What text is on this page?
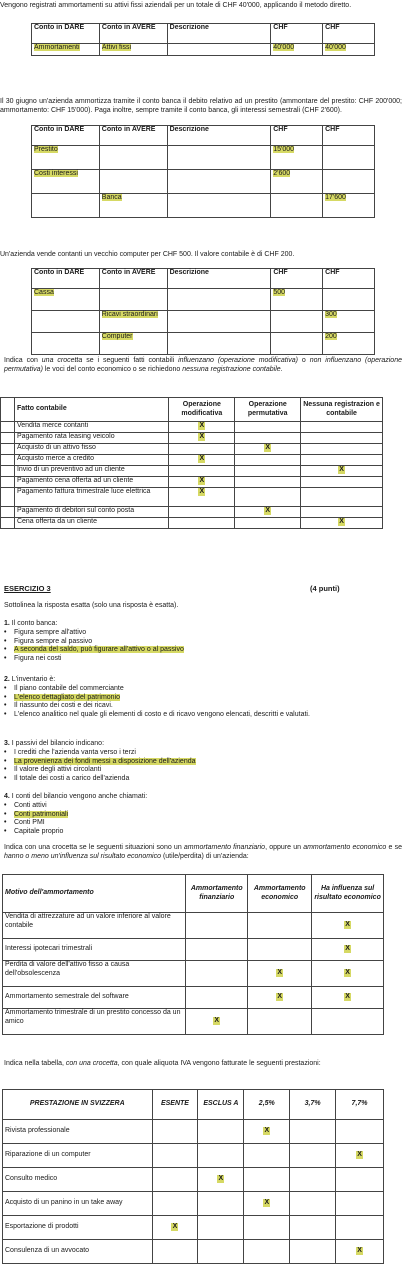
Vengono registrati ammortamenti su attivi fissi aziendali per un totale di CHF 40'000, applicando il metodo diretto.

Conto in DARE	Conto in AVERE	Descrizione	CHF	CHF
Ammortamenti	Attivi fissi		40'000	40'000

Il 30 giugno un'azienda ammortizza tramite il conto banca il debito relativo ad un prestito (ammontare del prestito: CHF 200'000; ammortamento: CHF 15'000). Paga inoltre, sempre tramite il conto banca, gli interessi semestrali (CHF 2'600).

Conto in DARE	Conto in AVERE	Descrizione	CHF	CHF
Prestito			15'000	
Costi interessi			2'600	
	Banca			17'600

Un'azienda vende contanti un vecchio computer per CHF 500. Il valore contabile è di CHF 200.

Conto in DARE	Conto in AVERE	Descrizione	CHF	CHF
Cassa			500	
	Ricavi straordinari			300
	Computer			200

Indica con una crocetta se i seguenti fatti contabili influenzano (operazione modificativa) o non influenzano (operazione permutativa) le voci del conto economico o se richiedono nessuna registrazione contabile.

	Fatto contabile	Operazione modificativa	Operazione permutativa	Nessuna registrazion e contabile
	Vendita merce contanti	X		
	Pagamento rata leasing veicolo	X		
	Acquisto di un attivo fisso		X	
	Acquisto merce a credito	X		
	Invio di un preventivo ad un cliente			X
	Pagamento cena offerta ad un cliente	X		
	Pagamento fattura trimestrale luce elettrica	X		
	Pagamento di debitori sul conto posta		X	
	Cena offerta da un cliente			X
ESERCIZIO 3	(4 punti)

Sottolinea la risposta esatta (solo una risposta è esatta).

1. Il conto banca:
• Figura sempre all'attivo
• Figura sempre al passivo
• A seconda del saldo, può figurare all'attivo o al passivo
• Figura nei costi
2. L'inventario è:
• Il piano contabile del commerciante
• L'elenco dettagliato del patrimonio
• Il riassunto dei costi e dei ricavi.
• L'elenco analitico nel quale gli elementi di costo e di ricavo vengono elencati, descritti e valutati.
3. I passivi del bilancio indicano:
• I crediti che l'azienda vanta verso i terzi
• La provenienza dei fondi messi a disposizione dell'azienda
• Il valore degli attivi circolanti
• Il totale dei costi a carico dell'azienda
4. I conti del bilancio vengono anche chiamati:
• Conti attivi
• Conti patrimoniali
• Conti PMI
• Capitale proprio

Indica con una crocetta se le seguenti situazioni sono un ammortamento finanziario, oppure un ammortamento economico e se hanno o meno un'influenza sul risultato economico (utile/perdita) di un'azienda:

Motivo dell'ammortamento	Ammortamento finanziario	Ammortamento economico	Ha influenza sul risultato economico
Vendita di attrezzature ad un valore inferiore al valore contabile			X
Interessi ipotecari trimestrali			X
Perdita di valore dell'attivo fisso a causa dell'obsolescenza		X	X
Ammortamento semestrale del software		X	X
Ammortamento trimestrale di un prestito concesso da un amico	X		

Indica nella tabella, con una crocetta, con quale aliquota IVA vengono fatturate le seguenti prestazioni:

PRESTAZIONE IN SVIZZERA	ESENTE	ESCLUS A	2,5%	3,7%	7,7%
Rivista professionale			X		
Riparazione di un computer					X
Consulto medico		X			
Acquisto di un panino in un take away			X		
Esportazione di prodotti	X				
Consulenza di un avvocato					X
